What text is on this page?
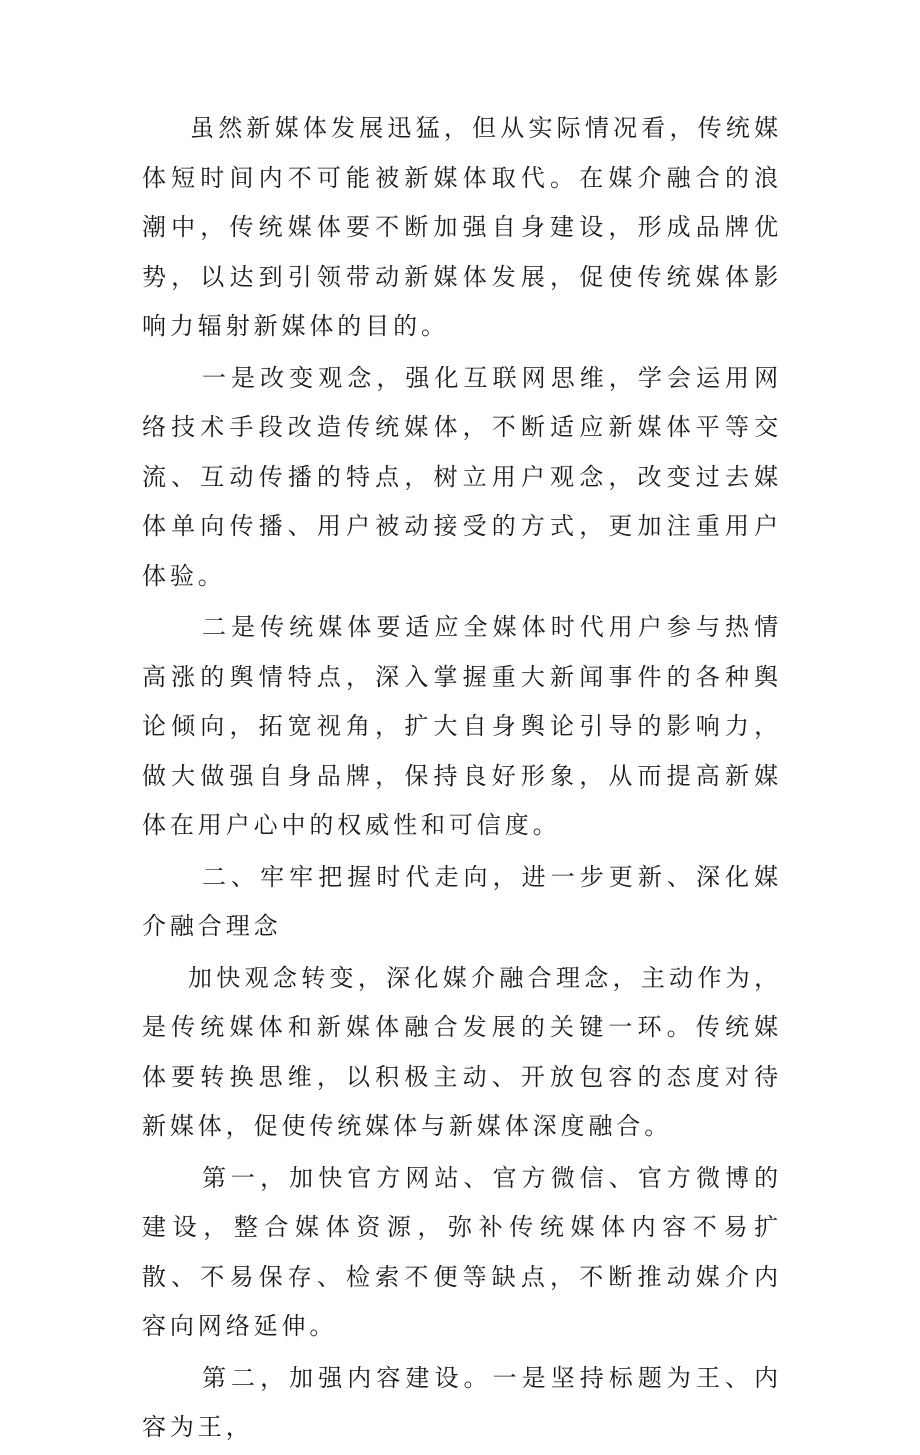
虽然新媒体发展迅猛，但从实际情况看，传统媒体短时间内不可能被新媒体取代。在媒介融合的浪潮中，传统媒体要不断加强自身建设，形成品牌优势，以达到引领带动新媒体发展，促使传统媒体影响力辐射新媒体的目的。

一是改变观念，强化互联网思维，学会运用网络技术手段改造传统媒体，不断适应新媒体平等交流、互动传播的特点，树立用户观念，改变过去媒体单向传播、用户被动接受的方式，更加注重用户体验。

二是传统媒体要适应全媒体时代用户参与热情高涨的舆情特点，深入掌握重大新闻事件的各种舆论倾向，拓宽视角，扩大自身舆论引导的影响力，做大做强自身品牌，保持良好形象，从而提高新媒体在用户心中的权威性和可信度。

二、牢牢把握时代走向，进一步更新、深化媒介融合理念

加快观念转变，深化媒介融合理念，主动作为，是传统媒体和新媒体融合发展的关键一环。传统媒体要转换思维，以积极主动、开放包容的态度对待新媒体，促使传统媒体与新媒体深度融合。

第一，加快官方网站、官方微信、官方微博的建设，整合媒体资源，弥补传统媒体内容不易扩散、不易保存、检索不便等缺点，不断推动媒介内容向网络延伸。

第二，加强内容建设。一是坚持标题为王、内容为王，
